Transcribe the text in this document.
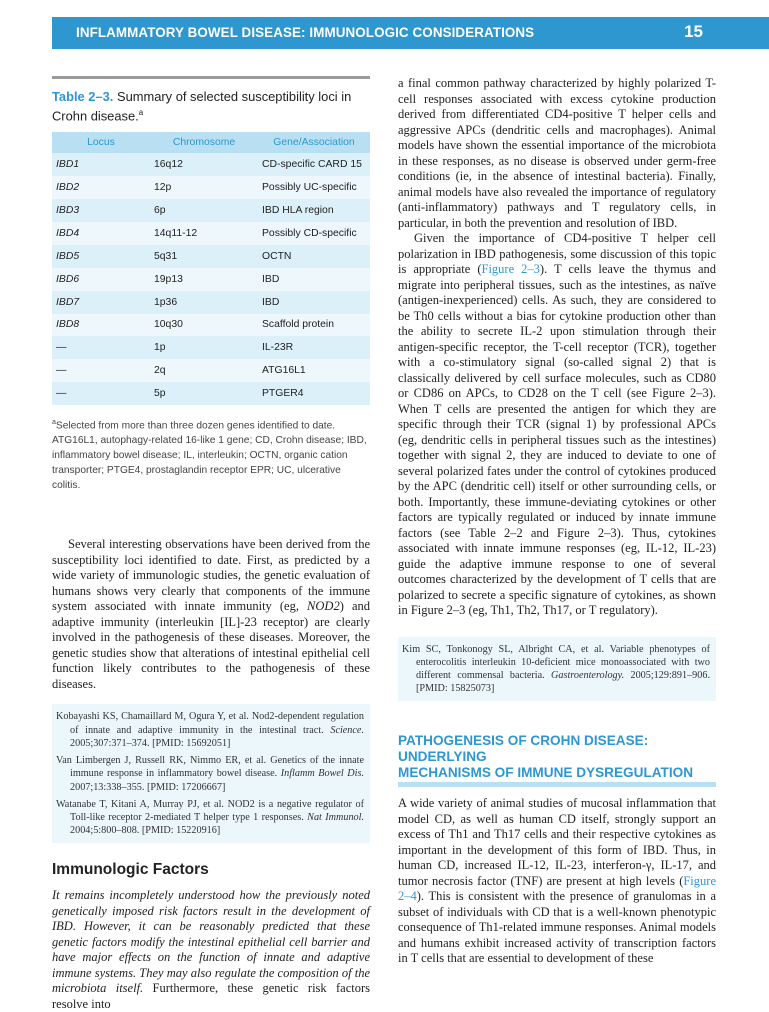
INFLAMMATORY BOWEL DISEASE: IMMUNOLOGIC CONSIDERATIONS	15
Table 2–3. Summary of selected susceptibility loci in Crohn disease.$^a$
Locus	Chromosome	Gene/Association
IBD1	16q12	CD-specific CARD 15
IBD2	12p	Possibly UC-specific
IBD3	6p	IBD HLA region
IBD4	14q11-12	Possibly CD-specific
IBD5	5q31	OCTN
IBD6	19p13	IBD
IBD7	1p36	IBD
IBD8	10q30	Scaffold protein
—	1p	IL-23R
—	2q	ATG16L1
—	5p	PTGER4
$^a$Selected from more than three dozen genes identified to date. ATG16L1, autophagy-related 16-like 1 gene; CD, Crohn disease; IBD, inflammatory bowel disease; IL, interleukin; OCTN, organic cation transporter; PTGE4, prostaglandin receptor EPR; UC, ulcerative colitis.

Several interesting observations have been derived from the susceptibility loci identified to date. First, as predicted by a wide variety of immunologic studies, the genetic evaluation of humans shows very clearly that components of the immune system associated with innate immunity (eg, NOD2) and adaptive immunity (interleukin [IL]-23 receptor) are clearly involved in the pathogenesis of these diseases. Moreover, the genetic studies show that alterations of intestinal epithelial cell function likely contributes to the pathogenesis of these diseases.

Kobayashi KS, Chamaillard M, Ogura Y, et al. Nod2-dependent regulation of innate and adaptive immunity in the intestinal tract. Science. 2005;307:371–374. [PMID: 15692051]

Van Limbergen J, Russell RK, Nimmo ER, et al. Genetics of the innate immune response in inflammatory bowel disease. Inflamm Bowel Dis. 2007;13:338–355. [PMID: 17206667]

Watanabe T, Kitani A, Murray PJ, et al. NOD2 is a negative regulator of Toll-like receptor 2-mediated T helper type 1 responses. Nat Immunol. 2004;5:800–808. [PMID: 15220916]

Immunologic Factors

It remains incompletely understood how the previously noted genetically imposed risk factors result in the development of IBD. However, it can be reasonably predicted that these genetic factors modify the intestinal epithelial cell barrier and have major effects on the function of innate and adaptive immune systems. They may also regulate the composition of the microbiota itself. Furthermore, these genetic risk factors resolve into

a final common pathway characterized by highly polarized T-cell responses associated with excess cytokine production derived from differentiated CD4-positive T helper cells and aggressive APCs (dendritic cells and macrophages). Animal models have shown the essential importance of the microbiota in these responses, as no disease is observed under germ-free conditions (ie, in the absence of intestinal bacteria). Finally, animal models have also revealed the importance of regulatory (anti-inflammatory) pathways and T regulatory cells, in particular, in both the prevention and resolution of IBD.

Given the importance of CD4-positive T helper cell polarization in IBD pathogenesis, some discussion of this topic is appropriate (Figure 2–3). T cells leave the thymus and migrate into peripheral tissues, such as the intestines, as naïve (antigen-inexperienced) cells. As such, they are considered to be Th0 cells without a bias for cytokine production other than the ability to secrete IL-2 upon stimulation through their antigen-specific receptor, the T-cell receptor (TCR), together with a co-stimulatory signal (so-called signal 2) that is classically delivered by cell surface molecules, such as CD80 or CD86 on APCs, to CD28 on the T cell (see Figure 2–3). When T cells are presented the antigen for which they are specific through their TCR (signal 1) by professional APCs (eg, dendritic cells in peripheral tissues such as the intestines) together with signal 2, they are induced to deviate to one of several polarized fates under the control of cytokines produced by the APC (dendritic cell) itself or other surrounding cells, or both. Importantly, these immune-deviating cytokines or other factors are typically regulated or induced by innate immune factors (see Table 2–2 and Figure 2–3). Thus, cytokines associated with innate immune responses (eg, IL-12, IL-23) guide the adaptive immune response to one of several outcomes characterized by the development of T cells that are polarized to secrete a specific signature of cytokines, as shown in Figure 2–3 (eg, Th1, Th2, Th17, or T regulatory).

Kim SC, Tonkonogy SL, Albright CA, et al. Variable phenotypes of enterocolitis interleukin 10-deficient mice monoassociated with two different commensal bacteria. Gastroenterology. 2005;129:891–906. [PMID: 15825073]

PATHOGENESIS OF CROHN DISEASE: UNDERLYING
MECHANISMS OF IMMUNE DYSREGULATION

A wide variety of animal studies of mucosal inflammation that model CD, as well as human CD itself, strongly support an excess of Th1 and Th17 cells and their respective cytokines as important in the development of this form of IBD. Thus, in human CD, increased IL-12, IL-23, interferon-γ, IL-17, and tumor necrosis factor (TNF) are present at high levels (Figure 2–4). This is consistent with the presence of granulomas in a subset of individuals with CD that is a well-known phenotypic consequence of Th1-related immune responses. Animal models and humans exhibit increased activity of transcription factors in T cells that are essential to development of these
